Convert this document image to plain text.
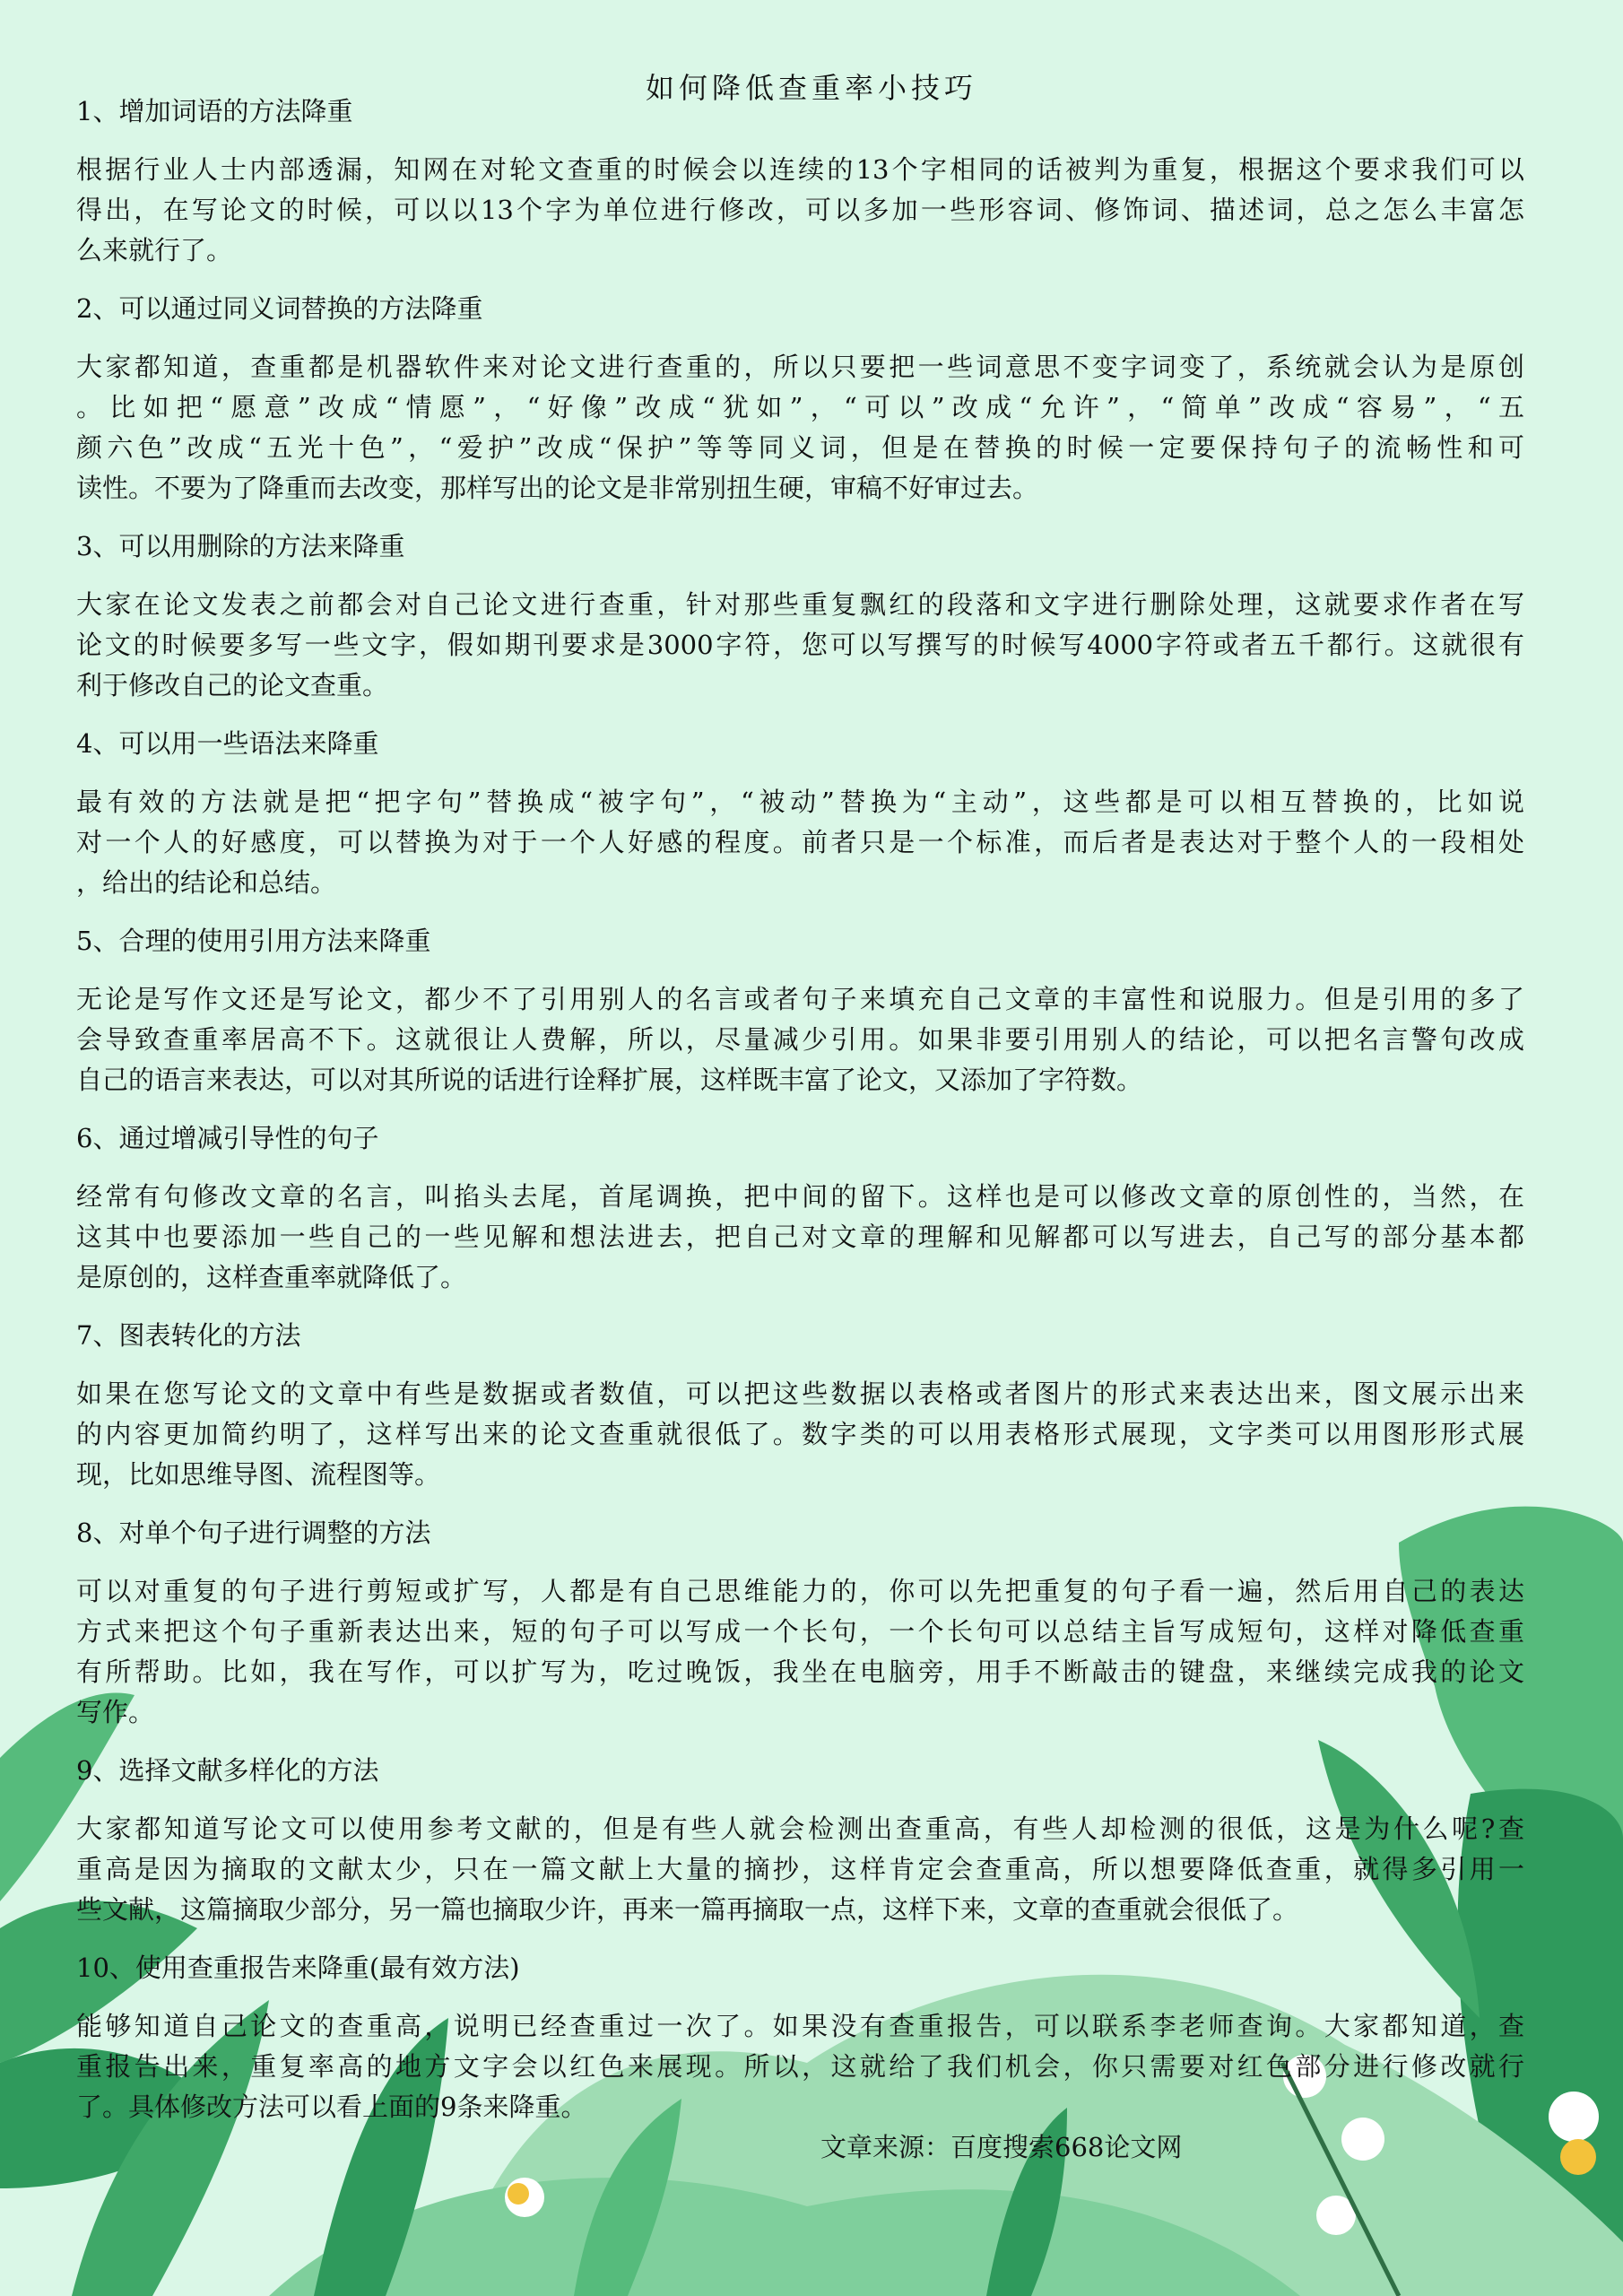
如何降低查重率小技巧
1、增加词语的方法降重
根据行业人士内部透漏，知网在对轮文查重的时候会以连续的13个字相同的话被判为重复，根据这个要求我们可以
得出，在写论文的时候，可以以13个字为单位进行修改，可以多加一些形容词、修饰词、描述词，总之怎么丰富怎
么来就行了。
2、可以通过同义词替换的方法降重
大家都知道，查重都是机器软件来对论文进行查重的，所以只要把一些词意思不变字词变了，系统就会认为是原创
。比如把“愿意”改成“情愿”，“好像”改成“犹如”，“可以”改成“允许”，“简单”改成“容易”，“五
颜六色”改成“五光十色”，“爱护”改成“保护”等等同义词，但是在替换的时候一定要保持句子的流畅性和可
读性。不要为了降重而去改变，那样写出的论文是非常别扭生硬，审稿不好审过去。
3、可以用删除的方法来降重
大家在论文发表之前都会对自己论文进行查重，针对那些重复飘红的段落和文字进行删除处理，这就要求作者在写
论文的时候要多写一些文字，假如期刊要求是3000字符，您可以写撰写的时候写4000字符或者五千都行。这就很有
利于修改自己的论文查重。
4、可以用一些语法来降重
最有效的方法就是把“把字句”替换成“被字句”，“被动”替换为“主动”，这些都是可以相互替换的，比如说
对一个人的好感度，可以替换为对于一个人好感的程度。前者只是一个标准，而后者是表达对于整个人的一段相处
，给出的结论和总结。
5、合理的使用引用方法来降重
无论是写作文还是写论文，都少不了引用别人的名言或者句子来填充自己文章的丰富性和说服力。但是引用的多了
会导致查重率居高不下。这就很让人费解，所以，尽量减少引用。如果非要引用别人的结论，可以把名言警句改成
自己的语言来表达，可以对其所说的话进行诠释扩展，这样既丰富了论文，又添加了字符数。
6、通过增减引导性的句子
经常有句修改文章的名言，叫掐头去尾，首尾调换，把中间的留下。这样也是可以修改文章的原创性的，当然，在
这其中也要添加一些自己的一些见解和想法进去，把自己对文章的理解和见解都可以写进去，自己写的部分基本都
是原创的，这样查重率就降低了。
7、图表转化的方法
如果在您写论文的文章中有些是数据或者数值，可以把这些数据以表格或者图片的形式来表达出来，图文展示出来
的内容更加简约明了，这样写出来的论文查重就很低了。数字类的可以用表格形式展现，文字类可以用图形形式展
现，比如思维导图、流程图等。
8、对单个句子进行调整的方法
可以对重复的句子进行剪短或扩写，人都是有自己思维能力的，你可以先把重复的句子看一遍，然后用自己的表达
方式来把这个句子重新表达出来，短的句子可以写成一个长句，一个长句可以总结主旨写成短句，这样对降低查重
有所帮助。比如，我在写作，可以扩写为，吃过晚饭，我坐在电脑旁，用手不断敲击的键盘，来继续完成我的论文
写作。
9、选择文献多样化的方法
大家都知道写论文可以使用参考文献的，但是有些人就会检测出查重高，有些人却检测的很低，这是为什么呢?查
重高是因为摘取的文献太少，只在一篇文献上大量的摘抄，这样肯定会查重高，所以想要降低查重，就得多引用一
些文献，这篇摘取少部分，另一篇也摘取少许，再来一篇再摘取一点，这样下来，文章的查重就会很低了。
10、使用查重报告来降重(最有效方法)
能够知道自己论文的查重高，说明已经查重过一次了。如果没有查重报告，可以联系李老师查询。大家都知道，查
重报告出来，重复率高的地方文字会以红色来展现。所以，这就给了我们机会，你只需要对红色部分进行修改就行
了。具体修改方法可以看上面的9条来降重。
文章来源：百度搜索668论文网
